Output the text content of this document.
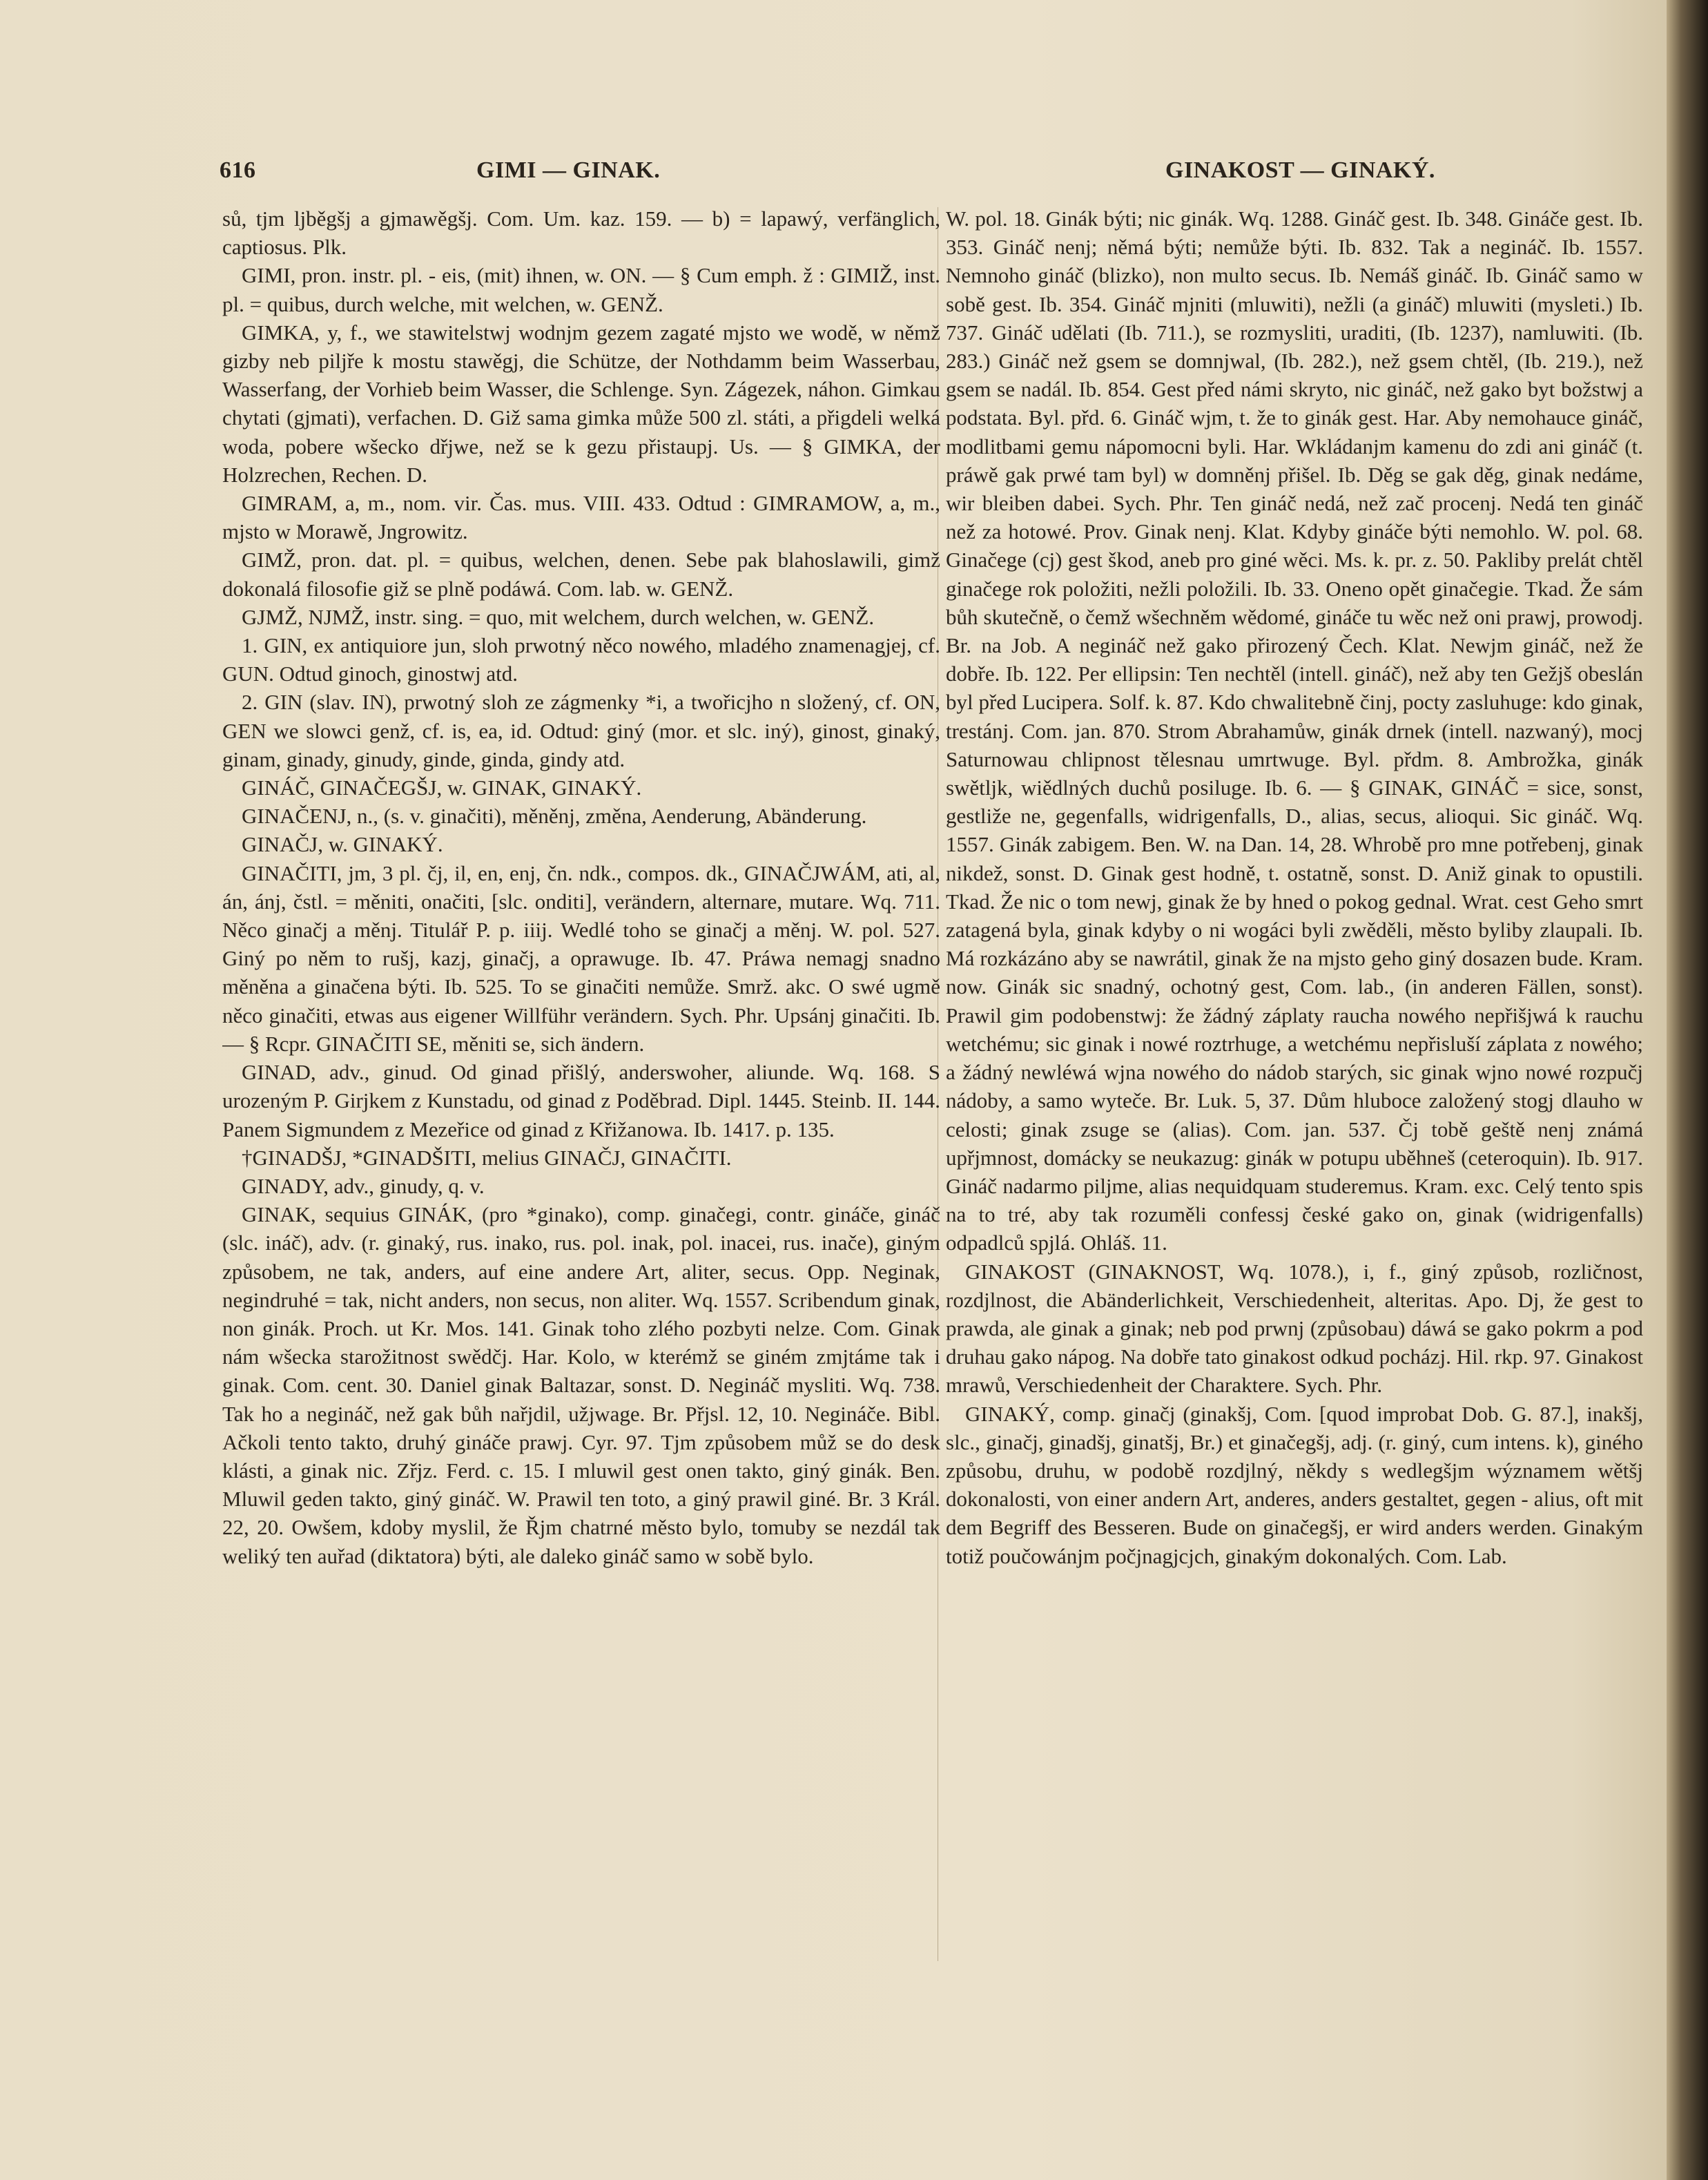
616	GIMI — GINAK.	GINAKOST — GINAKÝ.

sů, tjm ljběgšj a gjmawěgšj. Com. Um. kaz. 159. — b) = lapawý, verfänglich, captiosus. Plk.

GIMI, pron. instr. pl. - eis, (mit) ihnen, w. ON. — § Cum emph. ž : GIMIŽ, inst. pl. = quibus, durch welche, mit welchen, w. GENŽ.

GIMKA, y, f., we stawitelstwj wodnjm gezem zagaté mjsto we wodě, w němž gizby neb piljře k mostu stawěgj, die Schütze, der Nothdamm beim Wasserbau, Wasserfang, der Vorhieb beim Wasser, die Schlenge. Syn. Zágezek, náhon. Gimkau chytati (gjmati), verfachen. D. Giž sama gimka může 500 zl. státi, a přigdeli welká woda, pobere wšecko dřjwe, než se k gezu přistaupj. Us. — § GIMKA, der Holzrechen, Rechen. D.

GIMRAM, a, m., nom. vir. Čas. mus. VIII. 433. Odtud : GIMRAMOW, a, m., mjsto w Morawě, Jngrowitz.

GIMŽ, pron. dat. pl. = quibus, welchen, denen. Sebe pak blahoslawili, gimž dokonalá filosofie giž se plně podáwá. Com. lab. w. GENŽ.

GJMŽ, NJMŽ, instr. sing. = quo, mit welchem, durch welchen, w. GENŽ.

1. GIN, ex antiquiore jun, sloh prwotný něco nowého, mladého znamenagjej, cf. GUN. Odtud ginoch, ginostwj atd.

2. GIN (slav. IN), prwotný sloh ze zágmenky *i, a twořicjho n složený, cf. ON, GEN we slowci genž, cf. is, ea, id. Odtud: giný (mor. et slc. iný), ginost, ginaký, ginam, ginady, ginudy, ginde, ginda, gindy atd.

GINÁČ, GINAČEGŠJ, w. GINAK, GINAKÝ.

GINAČENJ, n., (s. v. ginačiti), měněnj, změna, Aenderung, Abänderung.

GINAČJ, w. GINAKÝ.

GINAČITI, jm, 3 pl. čj, il, en, enj, čn. ndk., compos. dk., GINAČJWÁM, ati, al, án, ánj, čstl. = měniti, onačiti, [slc. onditi], verändern, alternare, mutare. Wq. 711. Něco ginačj a měnj. Titulář P. p. iiij. Wedlé toho se ginačj a měnj. W. pol. 527. Giný po něm to rušj, kazj, ginačj, a oprawuge. Ib. 47. Práwa nemagj snadno měněna a ginačena býti. Ib. 525. To se ginačiti nemůže. Smrž. akc. O swé ugmě něco ginačiti, etwas aus eigener Willführ verändern. Sych. Phr. Upsánj ginačiti. Ib. — § Rcpr. GINAČITI SE, měniti se, sich ändern.

GINAD, adv., ginud. Od ginad přišlý, anderswoher, aliunde. Wq. 168. S urozeným P. Girjkem z Kunstadu, od ginad z Poděbrad. Dipl. 1445. Steinb. II. 144. Panem Sigmundem z Mezeřice od ginad z Křižanowa. Ib. 1417. p. 135.

†GINADŠJ, *GINADŠITI, melius GINAČJ, GINAČITI.

GINADY, adv., ginudy, q. v.

GINAK, sequius GINÁK, (pro *ginako), comp. ginačegi, contr. gináče, gináč (slc. ináč), adv. (r. ginaký, rus. inako, rus. pol. inak, pol. inacei, rus. inače), giným způsobem, ne tak, anders, auf eine andere Art, aliter, secus. Opp. Neginak, negindruhé = tak, nicht anders, non secus, non aliter. Wq. 1557. Scribendum ginak, non ginák. Proch. ut Kr. Mos. 141. Ginak toho zlého pozbyti nelze. Com. Ginak nám wšecka starožitnost swědčj. Har. Kolo, w kterémž se giném zmjtáme tak i ginak. Com. cent. 30. Daniel ginak Baltazar, sonst. D. Negináč mysliti. Wq. 738. Tak ho a negináč, než gak bůh nařjdil, užjwage. Br. Přjsl. 12, 10. Negináče. Bibl. Ačkoli tento takto, druhý gináče prawj. Cyr. 97. Tjm způsobem můž se do desk klásti, a ginak nic. Zřjz. Ferd. c. 15. I mluwil gest onen takto, giný ginák. Ben. Mluwil geden takto, giný gináč. W. Prawil ten toto, a giný prawil giné. Br. 3 Král. 22, 20. Owšem, kdoby myslil, že Řjm chatrné město bylo, tomuby se nezdál tak weliký ten auřad (diktatora) býti, ale daleko gináč samo w sobě bylo.

W. pol. 18. Ginák býti; nic ginák. Wq. 1288. Gináč gest. Ib. 348. Gináče gest. Ib. 353. Gináč nenj; němá býti; nemůže býti. Ib. 832. Tak a negináč. Ib. 1557. Nemnoho gináč (blizko), non multo secus. Ib. Nemáš gináč. Ib. Gináč samo w sobě gest. Ib. 354. Gináč mjniti (mluwiti), nežli (a gináč) mluwiti (mysleti.) Ib. 737. Gináč udělati (Ib. 711.), se rozmysliti, uraditi, (Ib. 1237), namluwiti. (Ib. 283.) Gináč než gsem se domnjwal, (Ib. 282.), než gsem chtěl, (Ib. 219.), než gsem se nadál. Ib. 854. Gest před námi skryto, nic gináč, než gako byt božstwj a podstata. Byl. přd. 6. Gináč wjm, t. že to ginák gest. Har. Aby nemohauce gináč, modlitbami gemu nápomocni byli. Har. Wkládanjm kamenu do zdi ani gináč (t. práwě gak prwé tam byl) w domněnj přišel. Ib. Děg se gak děg, ginak nedáme, wir bleiben dabei. Sych. Phr. Ten gináč nedá, než zač procenj. Nedá ten gináč než za hotowé. Prov. Ginak nenj. Klat. Kdyby gináče býti nemohlo. W. pol. 68. Ginačege (cj) gest škod, aneb pro giné wěci. Ms. k. pr. z. 50. Pakliby prelát chtěl ginačege rok položiti, nežli položili. Ib. 33. Oneno opět ginačegie. Tkad. Že sám bůh skutečně, o čemž wšechněm wědomé, gináče tu wěc než oni prawj, prowodj. Br. na Job. A negináč než gako přirozený Čech. Klat. Newjm gináč, než že dobře. Ib. 122. Per ellipsin: Ten nechtěl (intell. gináč), než aby ten Gežjš obeslán byl před Lucipera. Solf. k. 87. Kdo chwalitebně činj, pocty zasluhuge: kdo ginak, trestánj. Com. jan. 870. Strom Abrahamůw, ginák drnek (intell. nazwaný), mocj Saturnowau chlipnost tělesnau umrtwuge. Byl. přdm. 8. Ambrožka, ginák swětljk, wiědlných duchů posiluge. Ib. 6. — § GINAK, GINÁČ = sice, sonst, gestliže ne, gegenfalls, widrigenfalls, D., alias, secus, alioqui. Sic gináč. Wq. 1557. Ginák zabigem. Ben. W. na Dan. 14, 28. Whrobě pro mne potřebenj, ginak nikdež, sonst. D. Ginak gest hodně, t. ostatně, sonst. D. Aniž ginak to opustili. Tkad. Že nic o tom newj, ginak že by hned o pokog gednal. Wrat. cest Geho smrt zatagená byla, ginak kdyby o ni wogáci byli zwěděli, město byliby zlaupali. Ib. Má rozkázáno aby se nawrátil, ginak že na mjsto geho giný dosazen bude. Kram. now. Ginák sic snadný, ochotný gest, Com. lab., (in anderen Fällen, sonst). Prawil gim podobenstwj: že žádný záplaty raucha nowého nepřišjwá k rauchu wetchému; sic ginak i nowé roztrhuge, a wetchému nepřisluší záplata z nowého; a žádný newléwá wjna nowého do nádob starých, sic ginak wjno nowé rozpučj nádoby, a samo wyteče. Br. Luk. 5, 37. Dům hluboce založený stogj dlauho w celosti; ginak zsuge se (alias). Com. jan. 537. Čj tobě geště nenj známá upřjmnost, domácky se neukazug: ginák w potupu uběhneš (ceteroquin). Ib. 917. Gináč nadarmo piljme, alias nequidquam studeremus. Kram. exc. Celý tento spis na to tré, aby tak rozuměli confessj české gako on, ginak (widrigenfalls) odpadlců spjlá. Ohláš. 11.

GINAKOST (GINAKNOST, Wq. 1078.), i, f., giný způsob, rozličnost, rozdjlnost, die Abänderlichkeit, Verschiedenheit, alteritas. Apo. Dj, že gest to prawda, ale ginak a ginak; neb pod prwnj (způsobau) dáwá se gako pokrm a pod druhau gako nápog. Na dobře tato ginakost odkud pocházj. Hil. rkp. 97. Ginakost mrawů, Verschiedenheit der Charaktere. Sych. Phr.

GINAKÝ, comp. ginačj (ginakšj, Com. [quod improbat Dob. G. 87.], inakšj, slc., ginačj, ginadšj, ginatšj, Br.) et ginačegšj, adj. (r. giný, cum intens. k), giného způsobu, druhu, w podobě rozdjlný, někdy s wedlegšjm wýznamem wětšj dokonalosti, von einer andern Art, anderes, anders gestaltet, gegen - alius, oft mit dem Begriff des Besseren. Bude on ginačegšj, er wird anders werden. Ginakým totiž poučowánjm počjnagjcjch, ginakým dokonalých. Com. Lab.
